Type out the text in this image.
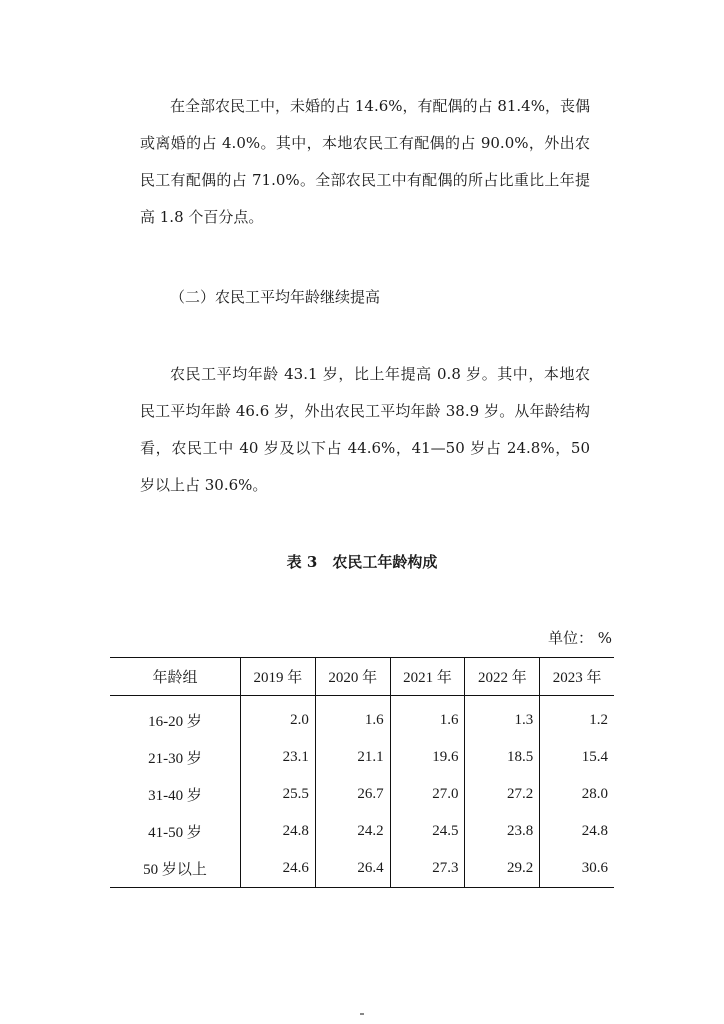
在全部农民工中，未婚的占 14.6%，有配偶的占 81.4%，丧偶或离婚的占 4.0%。其中，本地农民工有配偶的占 90.0%，外出农民工有配偶的占 71.0%。全部农民工中有配偶的所占比重比上年提高 1.8 个百分点。

（二）农民工平均年龄继续提高

农民工平均年龄 43.1 岁，比上年提高 0.8 岁。其中，本地农民工平均年龄 46.6 岁，外出农民工平均年龄 38.9 岁。从年龄结构看，农民工中 40 岁及以下占 44.6%，41—50 岁占 24.8%，50 岁以上占 30.6%。

表 3　农民工年龄构成

单位： %

年龄组	2019 年	2020 年	2021 年	2022 年	2023 年
16-20 岁	2.0	1.6	1.6	1.3	1.2
21-30 岁	23.1	21.1	19.6	18.5	15.4
31-40 岁	25.5	26.7	27.0	27.2	28.0
41-50 岁	24.8	24.2	24.5	23.8	24.8
50 岁以上	24.6	26.4	27.3	29.2	30.6
